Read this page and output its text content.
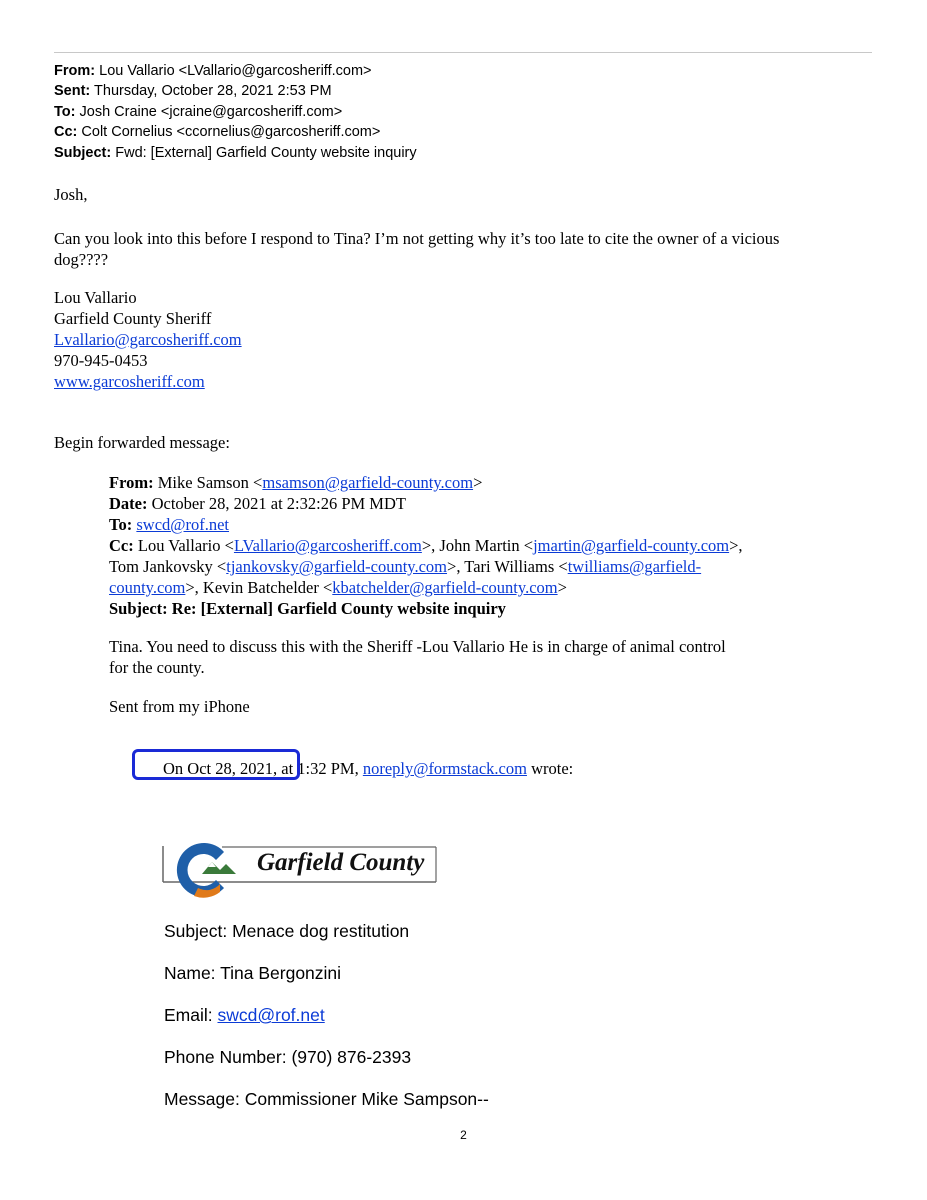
From: Lou Vallario <LVallario@garcosheriff.com>
Sent: Thursday, October 28, 2021 2:53 PM
To: Josh Craine <jcraine@garcosheriff.com>
Cc: Colt Cornelius <ccornelius@garcosheriff.com>
Subject: Fwd: [External] Garfield County website inquiry
Josh,
Can you look into this before I respond to Tina? I’m not getting why it’s too late to cite the owner of a vicious
dog????
Lou Vallario
Garfield County Sheriff
Lvallario@garcosheriff.com
970-945-0453
www.garcosheriff.com
Begin forwarded message:
From: Mike Samson <msamson@garfield-county.com>
Date: October 28, 2021 at 2:32:26 PM MDT
To: swcd@rof.net
Cc: Lou Vallario <LVallario@garcosheriff.com>, John Martin <jmartin@garfield-county.com>,
Tom Jankovsky <tjankovsky@garfield-county.com>, Tari Williams <twilliams@garfield-
county.com>, Kevin Batchelder <kbatchelder@garfield-county.com>
Subject: Re: [External] Garfield County website inquiry
Tina. You need to discuss this with the Sheriff -Lou Vallario He is in charge of animal control
for the county.
Sent from my iPhone
On Oct 28, 2021, at 1:32 PM, noreply@formstack.com wrote:
Garfield County
Subject: Menace dog restitution
Name: Tina Bergonzini
Email: swcd@rof.net
Phone Number: (970) 876-2393
Message: Commissioner Mike Sampson--
2
